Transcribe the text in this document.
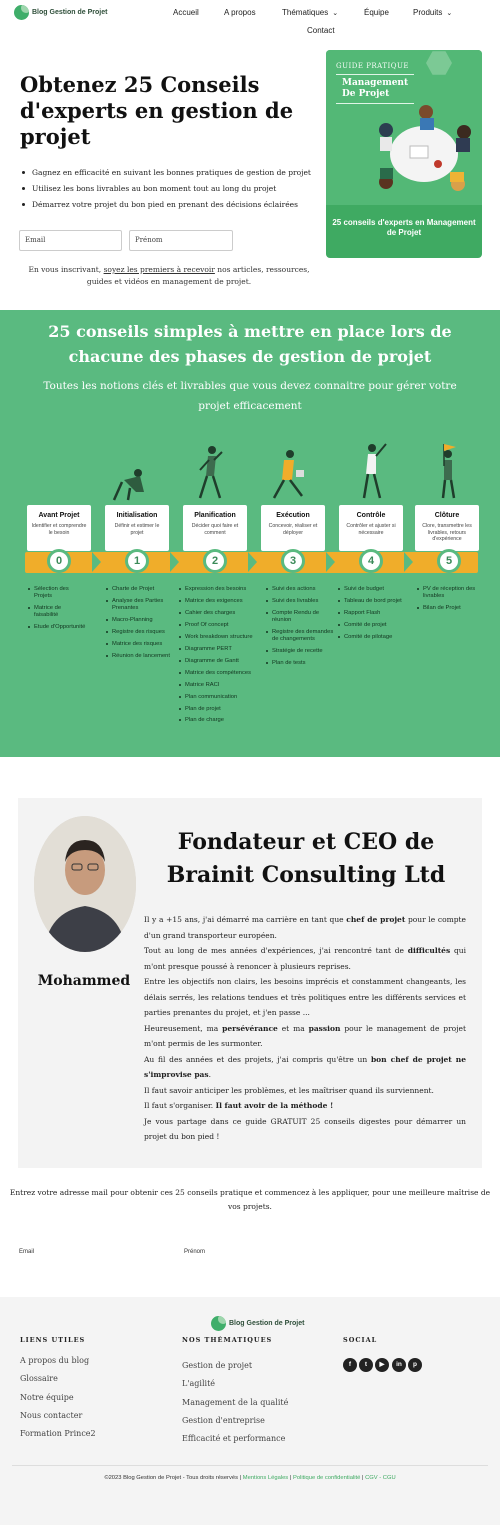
Blog Gestion de Projet	Accueil	A propos	Thématiques ⌄	Équipe	Produits ⌄
Contact
Obtenez 25 Conseils d'experts en gestion de projet
Gagnez en efficacité en suivant les bonnes pratiques de gestion de projet
Utilisez les bons livrables au bon moment tout au long du projet
Démarrez votre projet du bon pied en prenant des décisions éclairées
Email	Prénom

En vous inscrivant, soyez les premiers à recevoir nos articles, ressources, guides et vidéos en management de projet.

GUIDE PRATIQUE
Management
De Projet
25 conseils d'experts en Management de Projet
25 conseils simples à mettre en place lors de chacune des phases de gestion de projet

Toutes les notions clés et livrables que vous devez connaitre pour gérer votre projet efficacement

Avant Projet
Identifier et comprendre le besoin
Initialisation
Définir et estimer le projet
Planification
Décider quoi faire et comment
Exécution
Concevoir, réaliser et déployer
Contrôle
Contrôler et ajuster si nécessaire
Clôture
Clore, transmettre les livrables, retours d'expérience
0	1	2	3	4	5
Sélection des Projets
Matrice de faisabilité
Etude d'Opportunité
Charte de Projet
Analyse des Parties Prenantes
Macro-Planning
Registre des risques
Matrice des risques
Réunion de lancement
Expression des besoins
Matrice des exigences
Cahier des charges
Proof Of concept
Work breakdown structure
Diagramme PERT
Diagramme de Gantt
Matrice des compétences
Matrice RACI
Plan communication
Plan de projet
Plan de charge
Suivi des actions
Suivi des livrables
Compte Rendu de réunion
Registre des demandes de changements
Stratégie de recette
Plan de tests
Suivi de budget
Tableau de bord projet
Rapport Flash
Comité de projet
Comité de pilotage
PV de réception des livrables
Bilan de Projet
Mohammed
Fondateur et CEO de Brainit Consulting Ltd

Il y a +15 ans, j'ai démarré ma carrière en tant que chef de projet pour le compte d'un grand transporteur européen.

Tout au long de mes années d'expériences, j'ai rencontré tant de difficultés qui m'ont presque poussé à renoncer à plusieurs reprises.

Entre les objectifs non clairs, les besoins imprécis et constamment changeants, les délais serrés, les relations tendues et très politiques entre les différents services et parties prenantes du projet, et j'en passe ...

Heureusement, ma persévérance et ma passion pour le management de projet m'ont permis de les surmonter.

Au fil des années et des projets, j'ai compris qu'être un bon chef de projet ne s'improvise pas.

Il faut savoir anticiper les problèmes, et les maîtriser quand ils surviennent.

Il faut s'organiser. Il faut avoir de la méthode !

Je vous partage dans ce guide GRATUIT 25 conseils digestes pour démarrer un projet du bon pied !

Entrez votre adresse mail pour obtenir ces 25 conseils pratique et commencez à les appliquer, pour une meilleure maîtrise de vos projets.

Email	Prénom
Blog Gestion de Projet
LIENS UTILES
A propos du blog
Glossaire
Notre équipe
Nous contacter
Formation Prince2
NOS THÉMATIQUES
Gestion de projet
L'agilité
Management de la qualité
Gestion d'entreprise
Efficacité et performance
SOCIAL
f	t	▶	in	p
©2023 Blog Gestion de Projet - Tous droits réservés | Mentions Légales | Politique de confidentialité | CGV - CGU
